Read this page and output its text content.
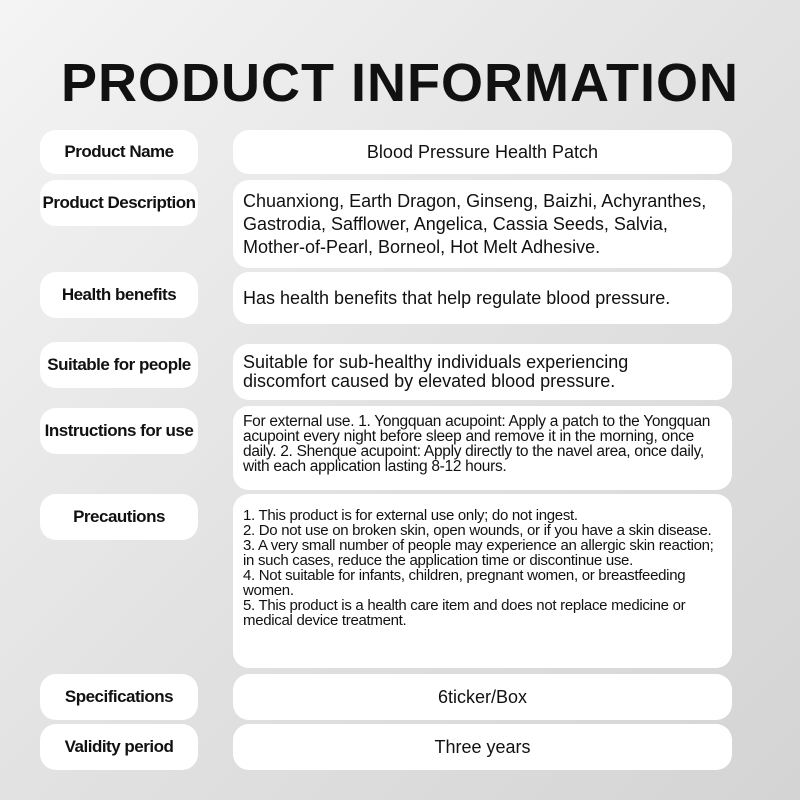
PRODUCT INFORMATION
Product Name	Blood Pressure Health Patch
Product Description	Chuanxiong, Earth Dragon, Ginseng, Baizhi, Achyranthes, Gastrodia, Safflower, Angelica, Cassia Seeds, Salvia, Mother-of-Pearl, Borneol, Hot Melt Adhesive.
Health benefits	Has health benefits that help regulate blood pressure.
Suitable for people	Suitable for sub-healthy individuals experiencing discomfort caused by elevated blood pressure.
Instructions for use	For external use. 1. Yongquan acupoint: Apply a patch to the Yongquan acupoint every night before sleep and remove it in the morning, once daily. 2. Shenque acupoint: Apply directly to the navel area, once daily, with each application lasting 8-12 hours.
Precautions	1. This product is for external use only; do not ingest.
2. Do not use on broken skin, open wounds, or if you have a skin disease.
3. A very small number of people may experience an allergic skin reaction; in such cases, reduce the application time or discontinue use.
4. Not suitable for infants, children, pregnant women, or breastfeeding women.
5. This product is a health care item and does not replace medicine or medical device treatment.
Specifications	6ticker/Box
Validity period	Three years
